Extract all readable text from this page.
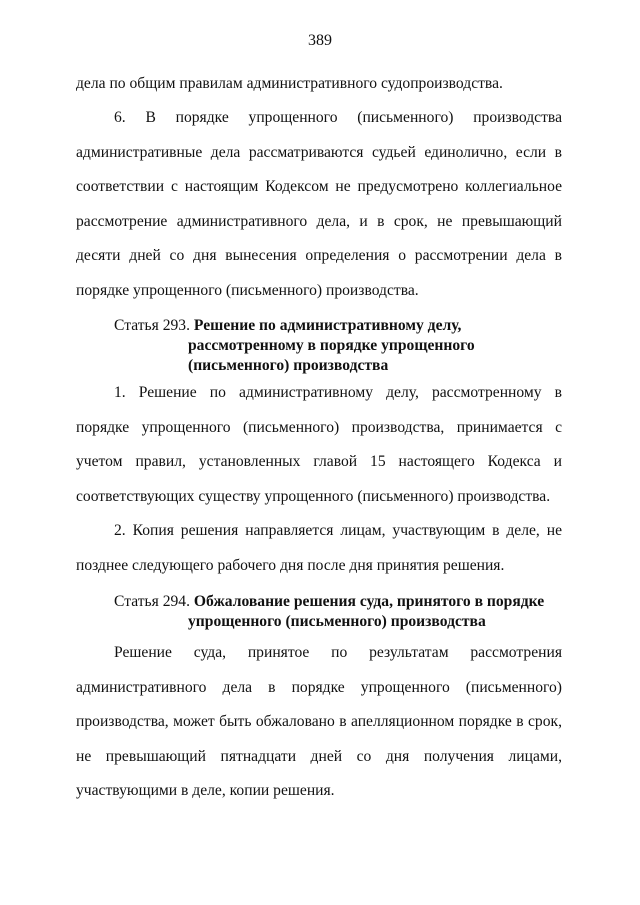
389

дела по общим правилам административного судопроизводства.

6. В порядке упрощенного (письменного) производства административные дела рассматриваются судьей единолично, если в соответствии с настоящим Кодексом не предусмотрено коллегиальное рассмотрение административного дела, и в срок, не превышающий десяти дней со дня вынесения определения о рассмотрении дела в порядке упрощенного (письменного) производства.

Статья 293. Решение по административному делу,
рассмотренному в порядке упрощенного
(письменного) производства

1. Решение по административному делу, рассмотренному в порядке упрощенного (письменного) производства, принимается с учетом правил, установленных главой 15 настоящего Кодекса и соответствующих существу упрощенного (письменного) производства.

2. Копия решения направляется лицам, участвующим в деле, не позднее следующего рабочего дня после дня принятия решения.

Статья 294. Обжалование решения суда, принятого в порядке
упрощенного (письменного) производства

Решение суда, принятое по результатам рассмотрения административного дела в порядке упрощенного (письменного) производства, может быть обжаловано в апелляционном порядке в срок, не превышающий пятнадцати дней со дня получения лицами, участвующими в деле, копии решения.
